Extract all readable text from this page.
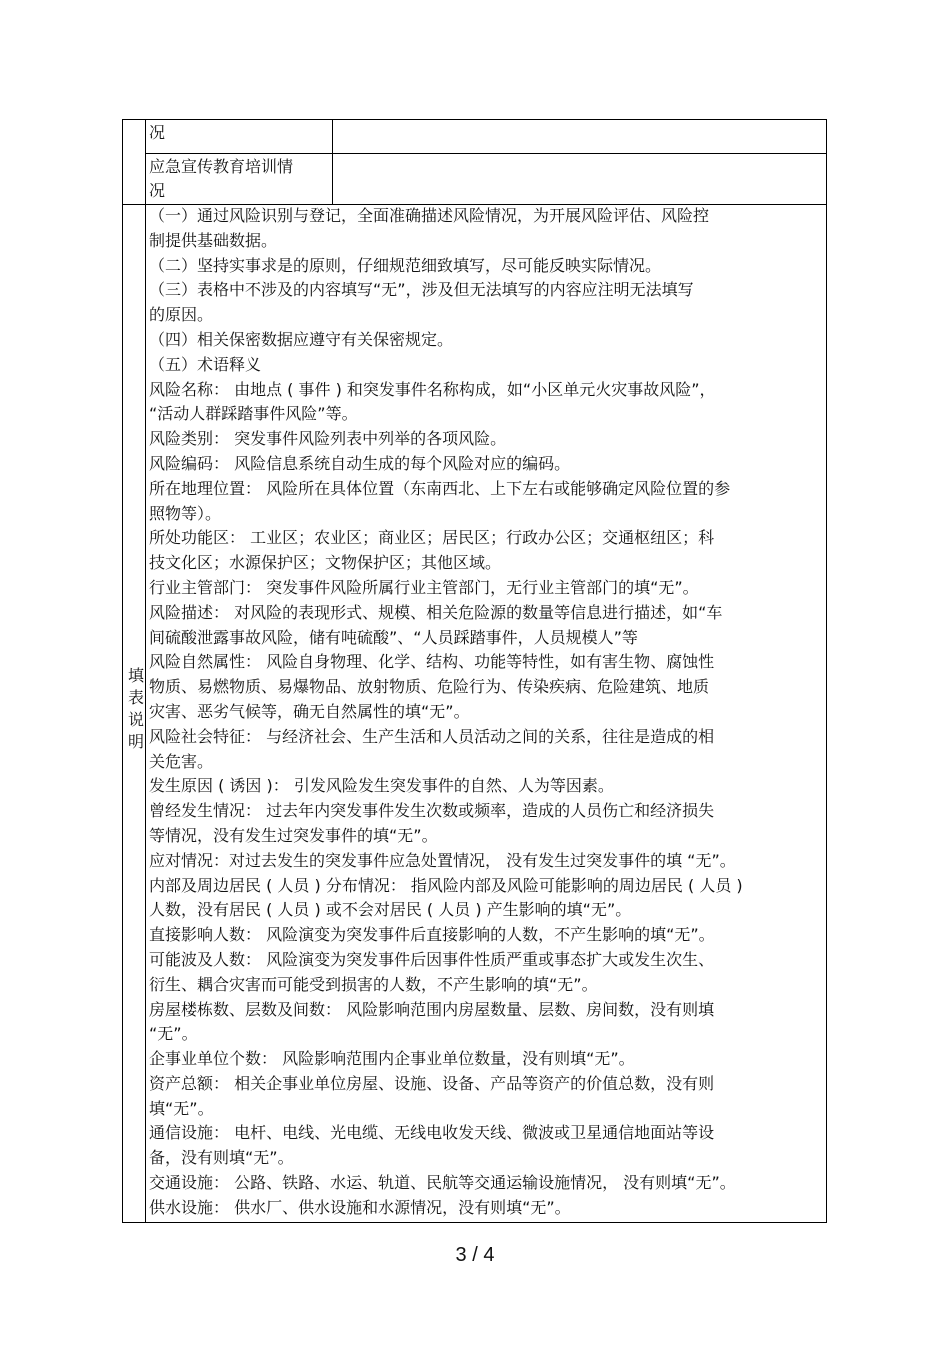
况
应急宣传教育培训情
况
填
表
说
明
（一）通过风险识别与登记，全面准确描述风险情况，为开展风险评估、风险控
制提供基础数据。
（二）坚持实事求是的原则，仔细规范细致填写，尽可能反映实际情况。
（三）表格中不涉及的内容填写“无”，涉及但无法填写的内容应注明无法填写
的原因。
（四）相关保密数据应遵守有关保密规定。
（五）术语释义
风险名称： 由地点 ( 事件 ) 和突发事件名称构成，如“小区单元火灾事故风险”，
“活动人群踩踏事件风险”等。
风险类别： 突发事件风险列表中列举的各项风险。
风险编码： 风险信息系统自动生成的每个风险对应的编码。
所在地理位置： 风险所在具体位置（东南西北、上下左右或能够确定风险位置的参
照物等）。
所处功能区： 工业区；农业区；商业区；居民区；行政办公区；交通枢纽区；科
技文化区；水源保护区；文物保护区；其他区域。
行业主管部门： 突发事件风险所属行业主管部门，无行业主管部门的填“无”。
风险描述： 对风险的表现形式、规模、相关危险源的数量等信息进行描述，如“车
间硫酸泄露事故风险，储有吨硫酸”、“人员踩踏事件，人员规模人”等
风险自然属性： 风险自身物理、化学、结构、功能等特性，如有害生物、腐蚀性
物质、易燃物质、易爆物品、放射物质、危险行为、传染疾病、危险建筑、地质
灾害、恶劣气候等，确无自然属性的填“无”。
风险社会特征： 与经济社会、生产生活和人员活动之间的关系，往往是造成的相
关危害。
发生原因 ( 诱因 )： 引发风险发生突发事件的自然、人为等因素。
曾经发生情况： 过去年内突发事件发生次数或频率，造成的人员伤亡和经济损失
等情况，没有发生过突发事件的填“无”。
应对情况：对过去发生的突发事件应急处置情况， 没有发生过突发事件的填 “无”。
内部及周边居民 ( 人员 ) 分布情况： 指风险内部及风险可能影响的周边居民 ( 人员 )
人数，没有居民 ( 人员 ) 或不会对居民 ( 人员 ) 产生影响的填“无”。
直接影响人数： 风险演变为突发事件后直接影响的人数，不产生影响的填“无”。
可能波及人数： 风险演变为突发事件后因事件性质严重或事态扩大或发生次生、
衍生、耦合灾害而可能受到损害的人数，不产生影响的填“无”。
房屋楼栋数、层数及间数： 风险影响范围内房屋数量、层数、房间数，没有则填
“无”。
企事业单位个数： 风险影响范围内企事业单位数量，没有则填“无”。
资产总额： 相关企事业单位房屋、设施、设备、产品等资产的价值总数，没有则
填“无”。
通信设施： 电杆、电线、光电缆、无线电收发天线、微波或卫星通信地面站等设
备，没有则填“无”。
交通设施： 公路、铁路、水运、轨道、民航等交通运输设施情况， 没有则填“无”。
供水设施： 供水厂、供水设施和水源情况，没有则填“无”。
3 / 4
